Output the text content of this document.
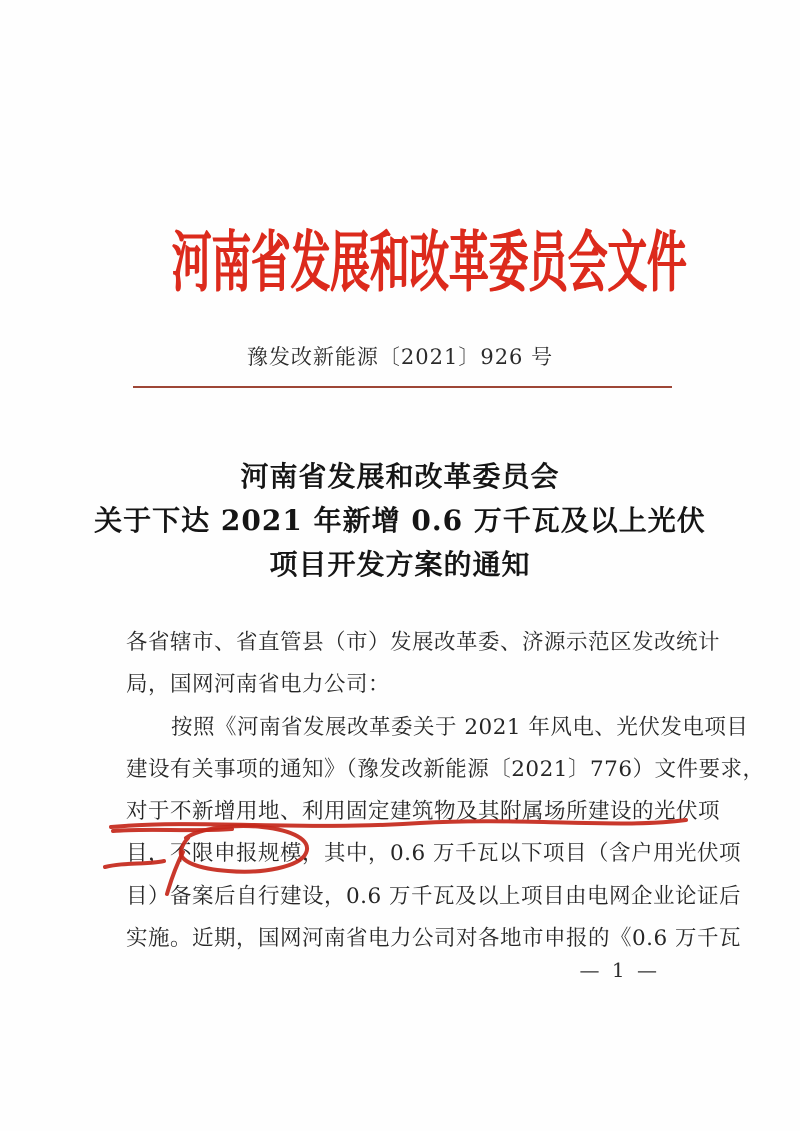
河南省发展和改革委员会文件
豫发改新能源〔2021〕926 号
河南省发展和改革委员会
关于下达 2021 年新增 0.6 万千瓦及以上光伏
项目开发方案的通知
各省辖市、省直管县（市）发展改革委、济源示范区发改统计
局，国网河南省电力公司：
按照《河南省发展改革委关于 2021 年风电、光伏发电项目
建设有关事项的通知》（豫发改新能源〔2021〕776）文件要求，
对于不新增用地、利用固定建筑物及其附属场所建设的光伏项
目，不限申报规模，其中，0.6 万千瓦以下项目（含户用光伏项
目）备案后自行建设，0.6 万千瓦及以上项目由电网企业论证后
实施。近期，国网河南省电力公司对各地市申报的《0.6 万千瓦
— 1 —
